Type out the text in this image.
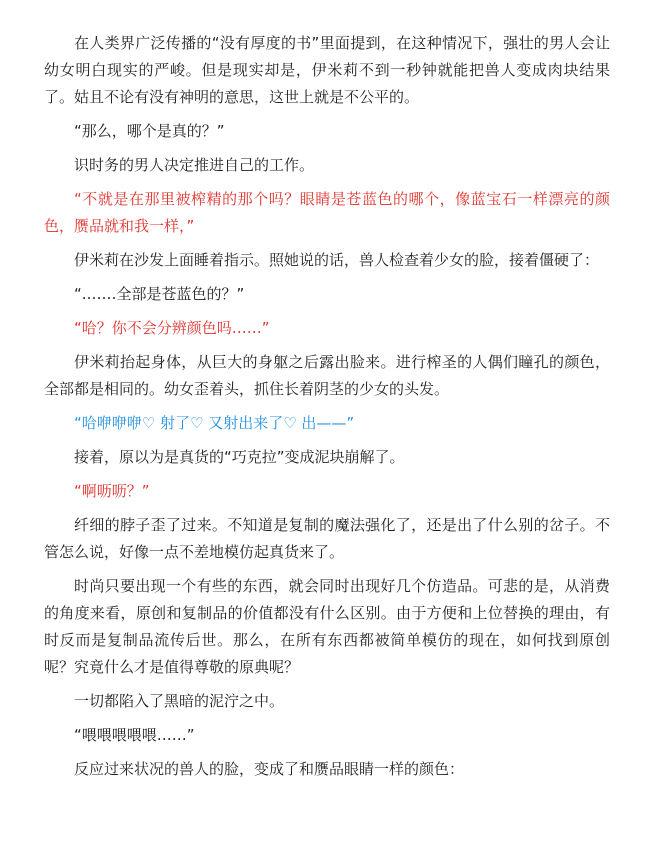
在人类界广泛传播的“没有厚度的书”里面提到，在这种情况下，强壮的男人会让幼女明白现实的严峻。但是现实却是，伊米莉不到一秒钟就能把兽人变成肉块结果了。姑且不论有没有神明的意思，这世上就是不公平的。

“那么，哪个是真的？”

识时务的男人决定推进自己的工作。

“不就是在那里被榨精的那个吗？眼睛是苍蓝色的哪个，像蓝宝石一样漂亮的颜色，赝品就和我一样，”

伊米莉在沙发上面睡着指示。照她说的话，兽人检查着少女的脸，接着僵硬了：

“.……全部是苍蓝色的？”

“哈？你不会分辨颜色吗……”

伊米莉抬起身体，从巨大的身躯之后露出脸来。进行榨圣的人偶们瞳孔的颜色，全部都是相同的。幼女歪着头，抓住长着阴茎的少女的头发。

“哈咿咿咿♡ 射了♡ 又射出来了♡ 出——”

接着，原以为是真货的“巧克拉”变成泥块崩解了。

“啊呖呖？”

纤细的脖子歪了过来。不知道是复制的魔法强化了，还是出了什么别的岔子。不管怎么说，好像一点不差地模仿起真货来了。

时尚只要出现一个有些的东西，就会同时出现好几个仿造品。可悲的是，从消费的角度来看，原创和复制品的价值都没有什么区别。由于方便和上位替换的理由，有时反而是复制品流传后世。那么，在所有东西都被简单模仿的现在，如何找到原创呢？究竟什么才是值得尊敬的原典呢？

一切都陷入了黑暗的泥泞之中。

“喂喂喂喂喂……”

反应过来状况的兽人的脸，变成了和赝品眼睛一样的颜色：
